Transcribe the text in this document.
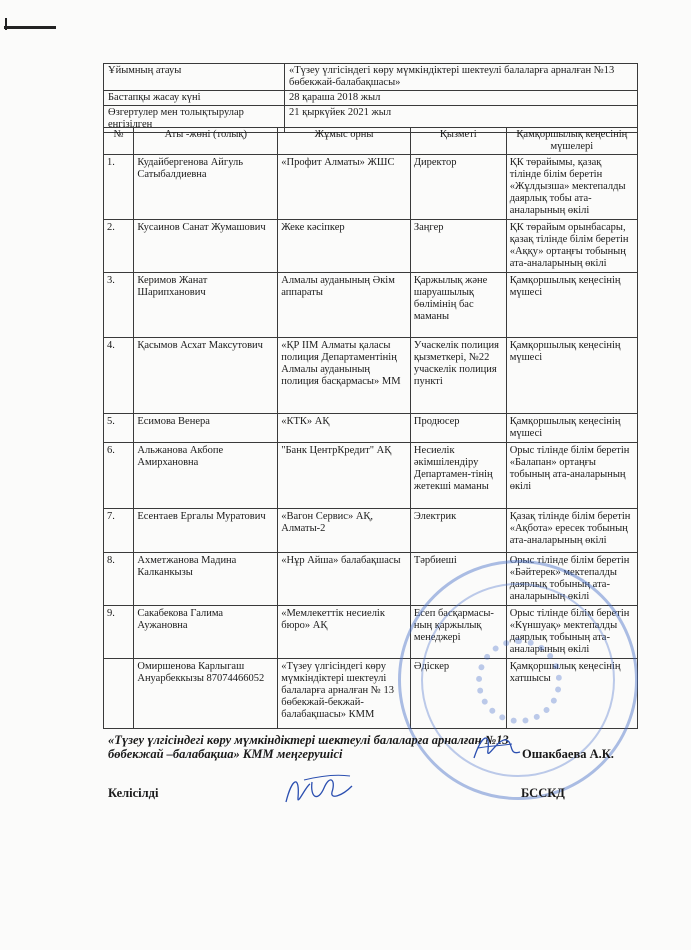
Ұйымның атауы	«Түзеу үлгісіндегі көру мүмкіндіктері шектеулі балаларға арналған №13 бөбекжай-балабақшасы»
Бастапқы жасау күні	28 қараша 2018 жыл
Өзгертулер мен толықтырулар енгізілген	21 қыркүйек 2021 жыл
№	Аты -жөні (толық)	Жұмыс орны	Қызметі	Қамқоршылық кеңесінің мүшелері
1.	Кудайбергенова Айгуль Сатыбалдиевна	«Профит Алматы» ЖШС	Директор	ҚК төрайымы, қазақ тілінде білім беретін «Жұлдызша» мектепалды даярлық тобы ата-аналарының өкілі
2.	Кусаинов Санат Жумашович	Жеке кәсіпкер	Заңгер	ҚК төрайым орынбасары, қазақ тілінде білім беретін «Аққу» ортаңғы тобының ата-аналарының өкілі
3.	Керимов Жанат Шарипханович	Алмалы ауданының Әкім аппараты	Қаржылық және шаруашылық бөлімінің бас маманы	Қамқоршылық кеңесінің мүшесі
4.	Қасымов Асхат Максутович	«ҚР ІІМ Алматы қаласы полиция Департаментінің Алмалы ауданының полиция басқармасы» ММ	Учаскелік полиция қызметкері, №22 учаскелік полиция пункті	Қамқоршылық кеңесінің мүшесі
5.	Есимова Венера	«КТК» АҚ	Продюсер	Қамқоршылық кеңесінің мүшесі
6.	Альжанова Акбопе Амирхановна	"Банк ЦентрКредит" АҚ	Несиелік әкімшілендіру Департамен-тінің жетекші маманы	Орыс тілінде білім беретін «Балапан» ортаңғы тобының ата-аналарының өкілі
7.	Есентаев Ергалы Муратович	«Вагон Сервис» АҚ, Алматы-2	Электрик	Қазақ тілінде білім беретін «Ақбота» ересек тобының ата-аналарының өкілі
8.	Ахметжанова Мадина Калканкызы	«Нұр Айша» балабақшасы	Тәрбиеші	Орыс тілінде білім беретін «Бәйтерек» мектепалды даярлық тобының ата-аналарының өкілі
9.	Сакабекова Галима Аужановна	«Мемлекеттік несиелік бюро» АҚ	Есеп басқармасы-ның қаржылық менеджері	Орыс тілінде білім беретін «Күншуақ» мектепалды даярлық тобының ата-аналарының өкілі
	Омиршенова Карлыгаш Ануарбеккызы 87074466052	«Түзеу үлгісіндегі көру мүмкіндіктері шектеулі балаларға арналған № 13 бөбекжай-бекжай-балабақшасы» КММ	Әдіскер	Қамқоршылық кеңесінің хатшысы
«Түзеу үлгісіндегі көру мүмкіндіктері шектеулі балаларға арналған №13 бөбекжай –балабақша» КММ меңгерушісі	Ошакбаева А.К.
Келісілді	БССКД
